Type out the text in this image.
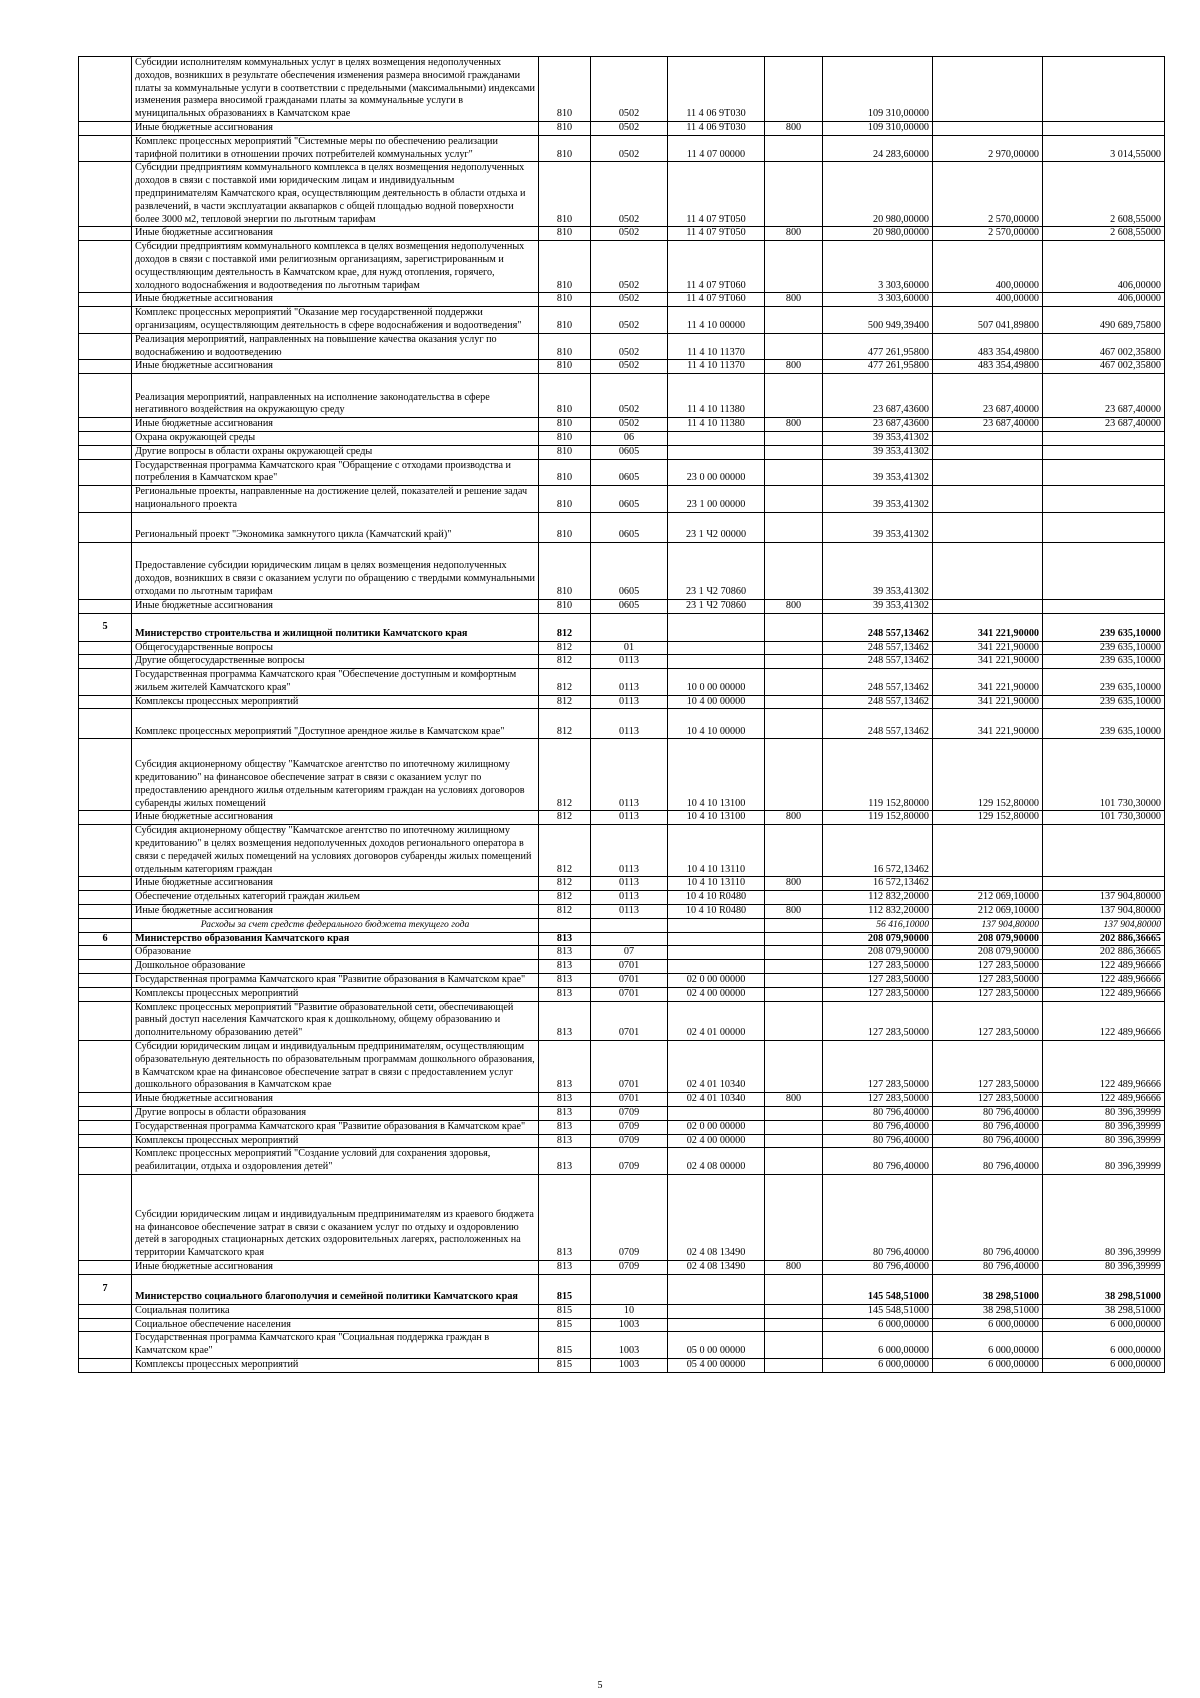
	Субсидии исполнителям коммунальных услуг в целях возмещения недополученных доходов, возникших в результате обеспечения изменения размера вносимой гражданами платы за коммунальные услуги в соответствии с предельными (максимальными) индексами изменения размера вносимой гражданами платы за коммунальные услуги в муниципальных образованиях в Камчатском крае	810	0502	11 4 06 9Т030		109 310,00000		
	Иные бюджетные ассигнования	810	0502	11 4 06 9Т030	800	109 310,00000		
	Комплекс процессных мероприятий "Системные меры по обеспечению реализации тарифной политики в отношении прочих потребителей коммунальных услуг"	810	0502	11 4 07 00000		24 283,60000	2 970,00000	3 014,55000
	Субсидии предприятиям коммунального комплекса в целях возмещения недополученных доходов в связи с поставкой ими юридическим лицам и индивидуальным предпринимателям Камчатского края, осуществляющим деятельность в области отдыха и развлечений, в части эксплуатации аквапарков с общей площадью водной поверхности более 3000 м2, тепловой энергии по льготным тарифам	810	0502	11 4 07 9Т050		20 980,00000	2 570,00000	2 608,55000
	Иные бюджетные ассигнования	810	0502	11 4 07 9Т050	800	20 980,00000	2 570,00000	2 608,55000
	Субсидии предприятиям коммунального комплекса в целях возмещения недополученных доходов в связи с поставкой ими религиозным организациям, зарегистрированным и осуществляющим деятельность в Камчатском крае, для нужд отопления, горячего, холодного водоснабжения и водоотведения по льготным тарифам	810	0502	11 4 07 9Т060		3 303,60000	400,00000	406,00000
	Иные бюджетные ассигнования	810	0502	11 4 07 9Т060	800	3 303,60000	400,00000	406,00000
	Комплекс процессных мероприятий "Оказание мер государственной поддержки организациям, осуществляющим деятельность в сфере водоснабжения и водоотведения"	810	0502	11 4 10 00000		500 949,39400	507 041,89800	490 689,75800
	Реализация мероприятий, направленных на повышение качества оказания услуг по водоснабжению и водоотведению	810	0502	11 4 10 11370		477 261,95800	483 354,49800	467 002,35800
	Иные бюджетные ассигнования	810	0502	11 4 10 11370	800	477 261,95800	483 354,49800	467 002,35800
	Реализация мероприятий, направленных на исполнение законодательства в сфере негативного воздействия на окружающую среду	810	0502	11 4 10 11380		23 687,43600	23 687,40000	23 687,40000
	Иные бюджетные ассигнования	810	0502	11 4 10 11380	800	23 687,43600	23 687,40000	23 687,40000
	Охрана окружающей среды	810	06			39 353,41302		
	Другие вопросы в области охраны окружающей среды	810	0605			39 353,41302		
	Государственная программа Камчатского края "Обращение с отходами производства и потребления в Камчатском крае"	810	0605	23 0 00 00000		39 353,41302		
	Региональные проекты, направленные на достижение целей, показателей и решение задач национального проекта	810	0605	23 1 00 00000		39 353,41302		
	Региональный проект "Экономика замкнутого цикла (Камчатский край)"	810	0605	23 1 Ч2 00000		39 353,41302		
	Предоставление субсидии юридическим лицам в целях возмещения недополученных доходов, возникших в связи с оказанием услуги по обращению с твердыми коммунальными отходами по льготным тарифам	810	0605	23 1 Ч2 70860		39 353,41302		
	Иные бюджетные ассигнования	810	0605	23 1 Ч2 70860	800	39 353,41302		
5	Министерство строительства и жилищной политики Камчатского края	812				248 557,13462	341 221,90000	239 635,10000
	Общегосударственные вопросы	812	01			248 557,13462	341 221,90000	239 635,10000
	Другие общегосударственные вопросы	812	0113			248 557,13462	341 221,90000	239 635,10000
	Государственная программа Камчатского края "Обеспечение доступным и комфортным жильем жителей Камчатского края"	812	0113	10 0 00 00000		248 557,13462	341 221,90000	239 635,10000
	Комплексы процессных мероприятий	812	0113	10 4 00 00000		248 557,13462	341 221,90000	239 635,10000
	Комплекс процессных мероприятий "Доступное арендное жилье в Камчатском крае"	812	0113	10 4 10 00000		248 557,13462	341 221,90000	239 635,10000
	Субсидия акционерному обществу "Камчатское агентство по ипотечному жилищному кредитованию" на финансовое обеспечение затрат в связи с оказанием услуг по предоставлению арендного жилья отдельным категориям граждан на условиях договоров субаренды жилых помещений	812	0113	10 4 10 13100		119 152,80000	129 152,80000	101 730,30000
	Иные бюджетные ассигнования	812	0113	10 4 10 13100	800	119 152,80000	129 152,80000	101 730,30000
	Субсидия акционерному обществу "Камчатское агентство по ипотечному жилищному кредитованию" в целях возмещения недополученных доходов регионального оператора в связи с передачей жилых помещений на условиях договоров субаренды жилых помещений отдельным категориям граждан	812	0113	10 4 10 13110		16 572,13462		
	Иные бюджетные ассигнования	812	0113	10 4 10 13110	800	16 572,13462		
	Обеспечение отдельных категорий граждан жильем	812	0113	10 4 10 R0480		112 832,20000	212 069,10000	137 904,80000
	Иные бюджетные ассигнования	812	0113	10 4 10 R0480	800	112 832,20000	212 069,10000	137 904,80000
	Расходы за счет средств федерального бюджета текущего года					56 416,10000	137 904,80000	137 904,80000
6	Министерство образования Камчатского края	813				208 079,90000	208 079,90000	202 886,36665
	Образование	813	07			208 079,90000	208 079,90000	202 886,36665
	Дошкольное образование	813	0701			127 283,50000	127 283,50000	122 489,96666
	Государственная программа Камчатского края "Развитие образования в Камчатском крае"	813	0701	02 0 00 00000		127 283,50000	127 283,50000	122 489,96666
	Комплексы процессных мероприятий	813	0701	02 4 00 00000		127 283,50000	127 283,50000	122 489,96666
	Комплекс процессных мероприятий "Развитие образовательной сети, обеспечивающей равный доступ населения Камчатского края к дошкольному, общему образованию и дополнительному образованию детей"	813	0701	02 4 01 00000		127 283,50000	127 283,50000	122 489,96666
	Субсидии юридическим лицам и индивидуальным предпринимателям, осуществляющим образовательную деятельность по образовательным программам дошкольного образования, в Камчатском крае на финансовое обеспечение затрат в связи с предоставлением услуг дошкольного образования в Камчатском крае	813	0701	02 4 01 10340		127 283,50000	127 283,50000	122 489,96666
	Иные бюджетные ассигнования	813	0701	02 4 01 10340	800	127 283,50000	127 283,50000	122 489,96666
	Другие вопросы в области образования	813	0709			80 796,40000	80 796,40000	80 396,39999
	Государственная программа Камчатского края "Развитие образования в Камчатском крае"	813	0709	02 0 00 00000		80 796,40000	80 796,40000	80 396,39999
	Комплексы процессных мероприятий	813	0709	02 4 00 00000		80 796,40000	80 796,40000	80 396,39999
	Комплекс процессных мероприятий "Создание условий для сохранения здоровья, реабилитации, отдыха и оздоровления детей"	813	0709	02 4 08 00000		80 796,40000	80 796,40000	80 396,39999
	Субсидии юридическим лицам и индивидуальным предпринимателям из краевого бюджета на финансовое обеспечение затрат в связи с оказанием услуг по отдыху и оздоровлению детей в загородных стационарных детских оздоровительных лагерях, расположенных на территории Камчатского края	813	0709	02 4 08 13490		80 796,40000	80 796,40000	80 396,39999
	Иные бюджетные ассигнования	813	0709	02 4 08 13490	800	80 796,40000	80 796,40000	80 396,39999
7	Министерство социального благополучия и семейной политики Камчатского края	815				145 548,51000	38 298,51000	38 298,51000
	Социальная политика	815	10			145 548,51000	38 298,51000	38 298,51000
	Социальное обеспечение населения	815	1003			6 000,00000	6 000,00000	6 000,00000
	Государственная программа Камчатского края "Социальная поддержка граждан в Камчатском крае"	815	1003	05 0 00 00000		6 000,00000	6 000,00000	6 000,00000
	Комплексы процессных мероприятий	815	1003	05 4 00 00000		6 000,00000	6 000,00000	6 000,00000
5
